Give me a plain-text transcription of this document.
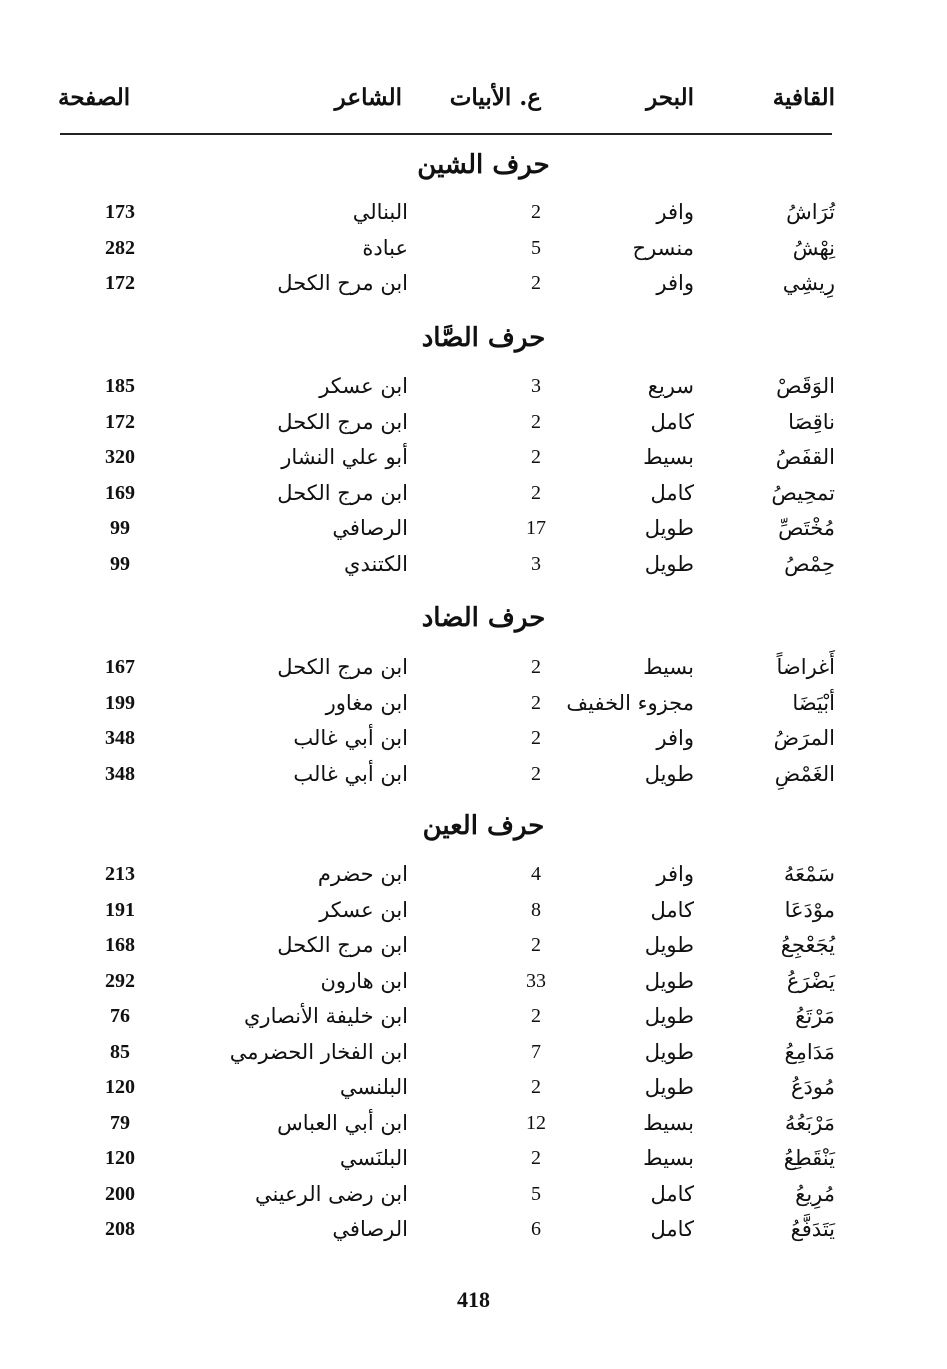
القافية
البحر
ع. الأبيات
الشاعر
الصفحة
حرف الشين
تُرَاشُ
وافر
2
البنالي
173
نِهْشُ
منسرح
5
عبادة
282
رِيشِي
وافر
2
ابن مرح الكحل
172
حرف الصَّاد
الوَقَصْ
سريع
3
ابن عسكر
185
ناقِصَا
كامل
2
ابن مرج الكحل
172
القفَصُ
بسيط
2
أبو علي النشار
320
تمحِيصُ
كامل
2
ابن مرج الكحل
169
مُخْتَصِّ
طويل
17
الرصافي
99
حِمْصُ
طويل
3
الكتندي
99
حرف الضاد
أَغراضاً
بسيط
2
ابن مرج الكحل
167
أبْيَضَا
مجزوء الخفيف
2
ابن مغاور
199
المرَضُ
وافر
2
ابن أبي غالب
348
الغَمْضِ
طويل
2
ابن أبي غالب
348
حرف العين
سَمْعَهُ
وافر
4
ابن حضرم
213
موْدَعَا
كامل
8
ابن عسكر
191
يُجَعْجِعُ
طويل
2
ابن مرج الكحل
168
يَضْرَعُ
طويل
33
ابن هارون
292
مَرْتَعُ
طويل
2
ابن خليفة الأنصاري
76
مَدَامِعُ
طويل
7
ابن الفخار الحضرمي
85
مُودَعُ
طويل
2
البلنسي
120
مَرْبَعُهُ
بسيط
12
ابن أبي العباس
79
يَنْقَطِعُ
بسيط
2
البلنَسي
120
مُرِيعُ
كامل
5
ابن رضى الرعيني
200
يَتَدَفَّعُ
كامل
6
الرصافي
208
418
